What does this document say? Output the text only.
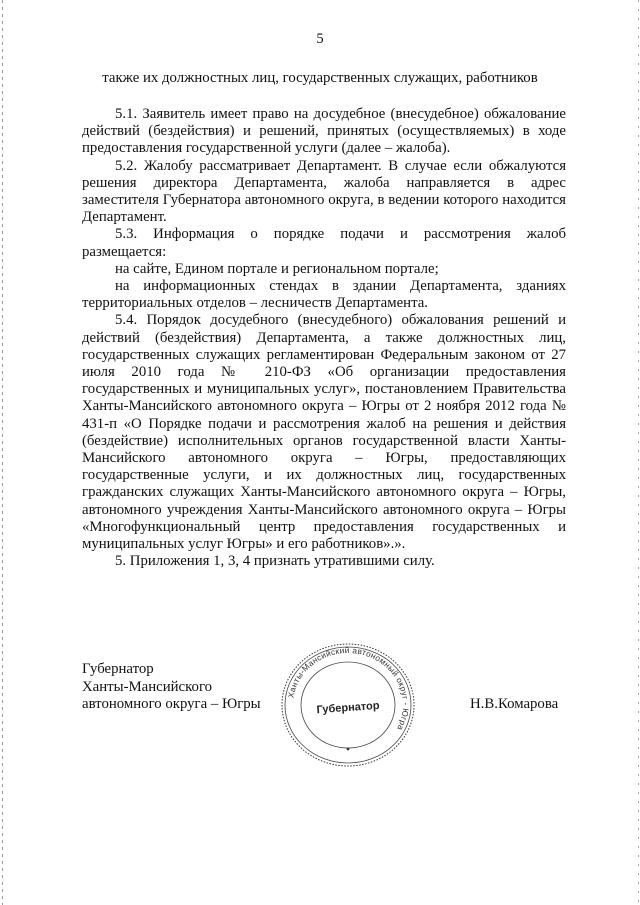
5
также их должностных лиц, государственных служащих, работников

5.1. Заявитель имеет право на досудебное (внесудебное) обжалование действий (бездействия) и решений, принятых (осуществляемых) в ходе предоставления государственной услуги (далее – жалоба).

5.2. Жалобу рассматривает Департамент. В случае если обжалуются решения директора Департамента, жалоба направляется в адрес заместителя Губернатора автономного округа, в ведении которого находится Департамент.

5.3. Информация о порядке подачи и рассмотрения жалоб размещается:

на сайте, Едином портале и региональном портале;

на информационных стендах в здании Департамента, зданиях территориальных отделов – лесничеств Департамента.

5.4. Порядок досудебного (внесудебного) обжалования решений и действий (бездействия) Департамента, а также должностных лиц, государственных служащих регламентирован Федеральным законом от 27 июля 2010 года № 210-ФЗ «Об организации предоставления государственных и муниципальных услуг», постановлением Правительства Ханты-Мансийского автономного округа – Югры от 2 ноября 2012 года № 431-п «О Порядке подачи и рассмотрения жалоб на решения и действия (бездействие) исполнительных органов государственной власти Ханты-Мансийского автономного округа – Югры, предоставляющих государственные услуги, и их должностных лиц, государственных гражданских служащих Ханты-Мансийского автономного округа – Югры, автономного учреждения Ханты-Мансийского автономного округа – Югры «Многофункциональный центр предоставления государственных и муниципальных услуг Югры» и его работников».».

5. Приложения 1, 3, 4 признать утратившими силу.

Губернатор
Ханты-Мансийского
автономного округа – Югры
Ханты-Мансийский автономный округ - Югра
Губернатор	Н.В.Комарова
